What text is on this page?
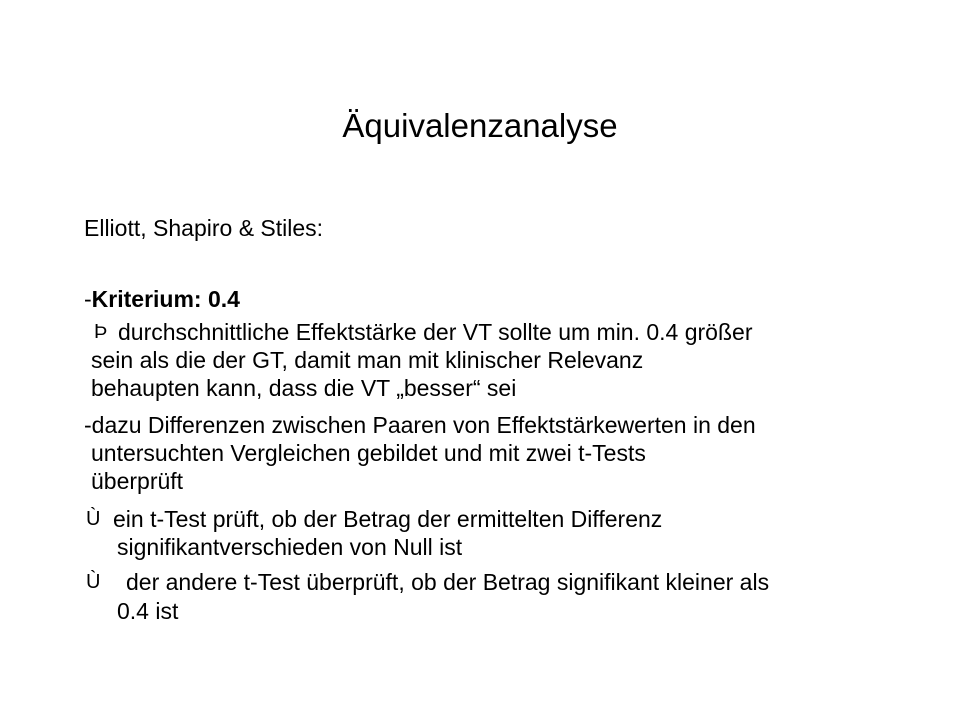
Äquivalenzanalyse
Elliott, Shapiro & Stiles:
-Kriterium: 0.4
Þ durchschnittliche Effektstärke der VT sollte um min. 0.4 größer
sein als die der GT, damit man mit klinischer Relevanz
behaupten kann, dass die VT „besser“ sei
-dazu Differenzen zwischen Paaren von Effektstärkewerten in den
untersuchten Vergleichen gebildet und mit zwei t-Tests
überprüft
Ù ein t-Test prüft, ob der Betrag der ermittelten Differenz
signifikantverschieden von Null ist
Ù der andere t-Test überprüft, ob der Betrag signifikant kleiner als
0.4 ist
